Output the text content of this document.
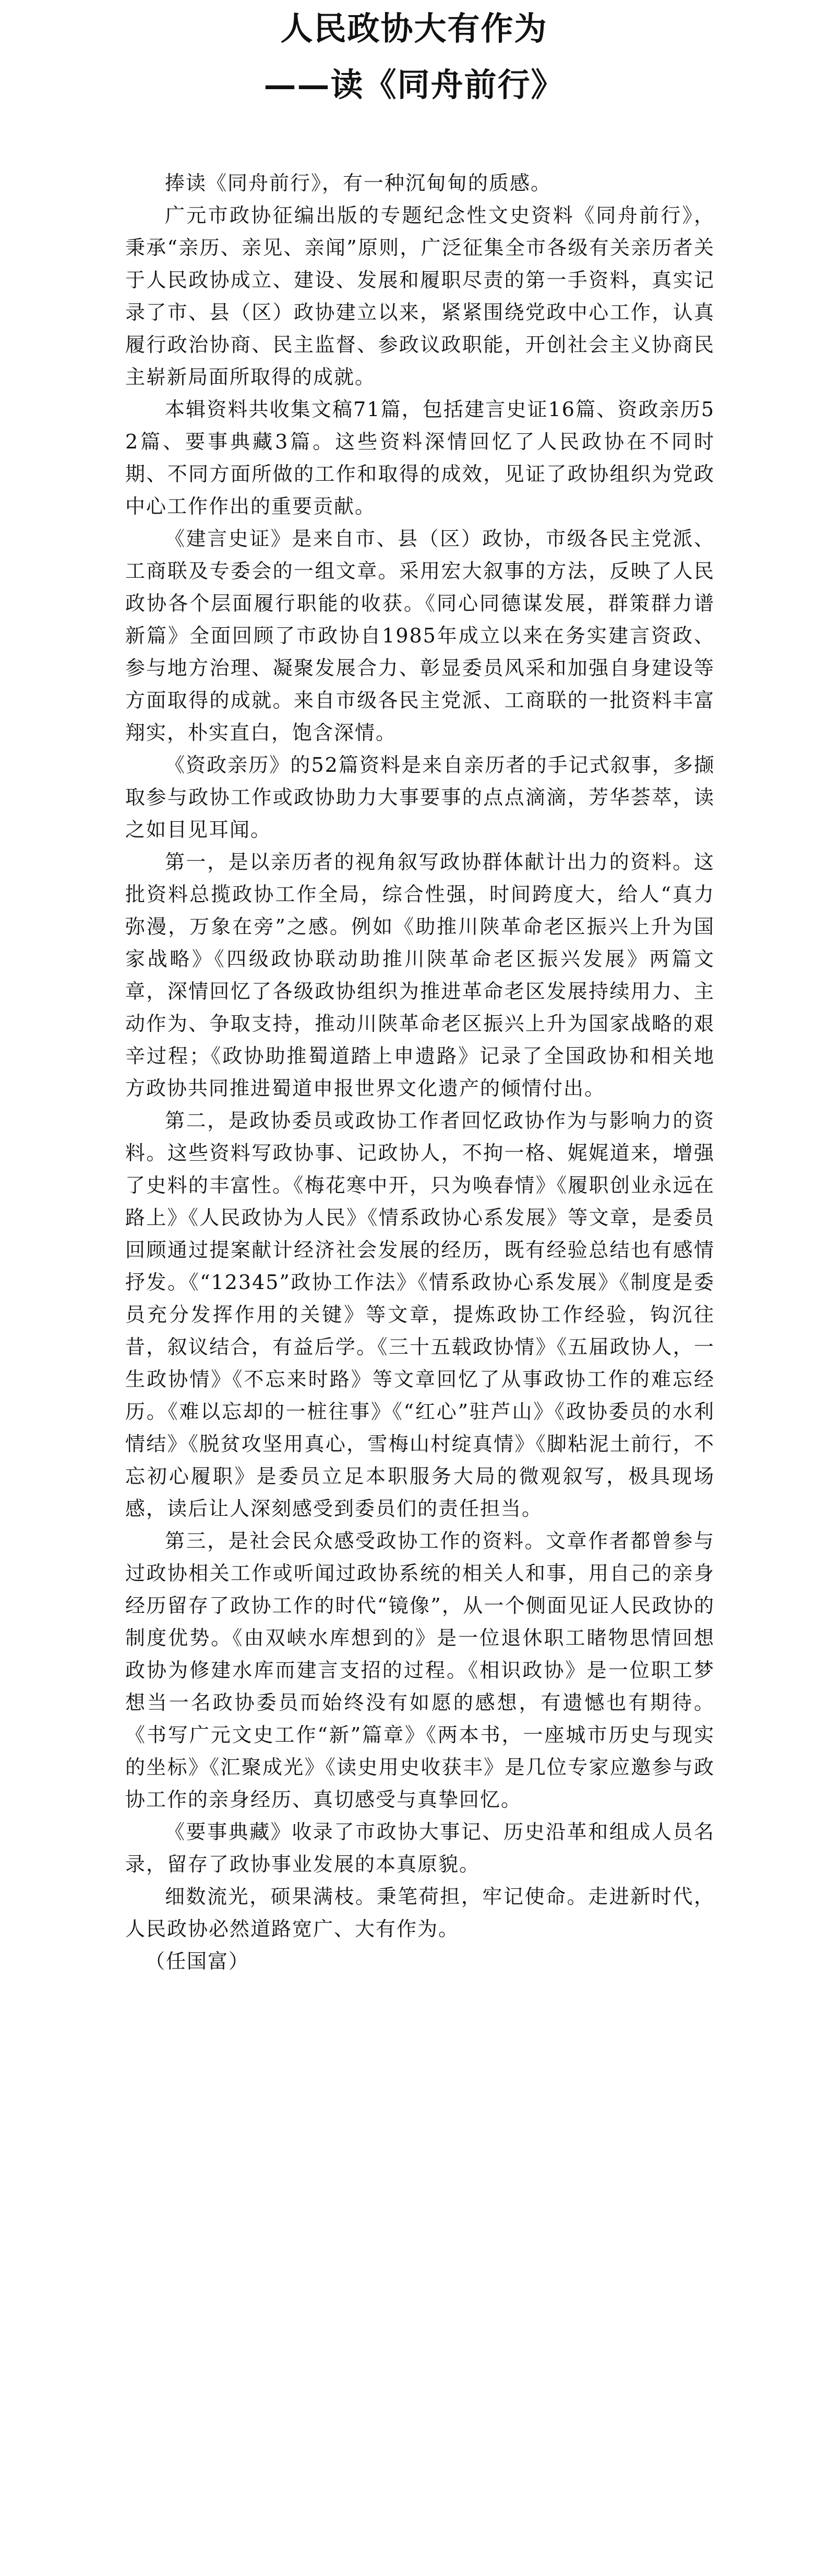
人民政协大有作为
——读《同舟前行》

捧读《同舟前行》，有一种沉甸甸的质感。

广元市政协征编出版的专题纪念性文史资料《同舟前行》，秉承“亲历、亲见、亲闻”原则，广泛征集全市各级有关亲历者关于人民政协成立、建设、发展和履职尽责的第一手资料，真实记录了市、县（区）政协建立以来，紧紧围绕党政中心工作，认真履行政治协商、民主监督、参政议政职能，开创社会主义协商民主崭新局面所取得的成就。

本辑资料共收集文稿71篇，包括建言史证16篇、资政亲历52篇、要事典藏3篇。这些资料深情回忆了人民政协在不同时期、不同方面所做的工作和取得的成效，见证了政协组织为党政中心工作作出的重要贡献。

《建言史证》是来自市、县（区）政协，市级各民主党派、工商联及专委会的一组文章。采用宏大叙事的方法，反映了人民政协各个层面履行职能的收获。《同心同德谋发展，群策群力谱新篇》全面回顾了市政协自1985年成立以来在务实建言资政、参与地方治理、凝聚发展合力、彰显委员风采和加强自身建设等方面取得的成就。来自市级各民主党派、工商联的一批资料丰富翔实，朴实直白，饱含深情。

《资政亲历》的52篇资料是来自亲历者的手记式叙事，多撷取参与政协工作或政协助力大事要事的点点滴滴，芳华荟萃，读之如目见耳闻。

第一，是以亲历者的视角叙写政协群体献计出力的资料。这批资料总揽政协工作全局，综合性强，时间跨度大，给人“真力弥漫，万象在旁”之感。例如《助推川陕革命老区振兴上升为国家战略》《四级政协联动助推川陕革命老区振兴发展》两篇文章，深情回忆了各级政协组织为推进革命老区发展持续用力、主动作为、争取支持，推动川陕革命老区振兴上升为国家战略的艰辛过程；《政协助推蜀道踏上申遗路》记录了全国政协和相关地方政协共同推进蜀道申报世界文化遗产的倾情付出。

第二，是政协委员或政协工作者回忆政协作为与影响力的资料。这些资料写政协事、记政协人，不拘一格、娓娓道来，增强了史料的丰富性。《梅花寒中开，只为唤春情》《履职创业永远在路上》《人民政协为人民》《情系政协心系发展》等文章，是委员回顾通过提案献计经济社会发展的经历，既有经验总结也有感情抒发。《“12345”政协工作法》《情系政协心系发展》《制度是委员充分发挥作用的关键》等文章，提炼政协工作经验，钩沉往昔，叙议结合，有益后学。《三十五载政协情》《五届政协人，一生政协情》《不忘来时路》等文章回忆了从事政协工作的难忘经历。《难以忘却的一桩往事》《“红心”驻芦山》《政协委员的水利情结》《脱贫攻坚用真心，雪梅山村绽真情》《脚粘泥土前行，不忘初心履职》是委员立足本职服务大局的微观叙写，极具现场感，读后让人深刻感受到委员们的责任担当。

第三，是社会民众感受政协工作的资料。文章作者都曾参与过政协相关工作或听闻过政协系统的相关人和事，用自己的亲身经历留存了政协工作的时代“镜像”，从一个侧面见证人民政协的制度优势。《由双峡水库想到的》是一位退休职工睹物思情回想政协为修建水库而建言支招的过程。《相识政协》是一位职工梦想当一名政协委员而始终没有如愿的感想，有遗憾也有期待。《书写广元文史工作“新”篇章》《两本书，一座城市历史与现实的坐标》《汇聚成光》《读史用史收获丰》是几位专家应邀参与政协工作的亲身经历、真切感受与真挚回忆。

《要事典藏》收录了市政协大事记、历史沿革和组成人员名录，留存了政协事业发展的本真原貌。

细数流光，硕果满枝。秉笔荷担，牢记使命。走进新时代，人民政协必然道路宽广、大有作为。

（任国富）
